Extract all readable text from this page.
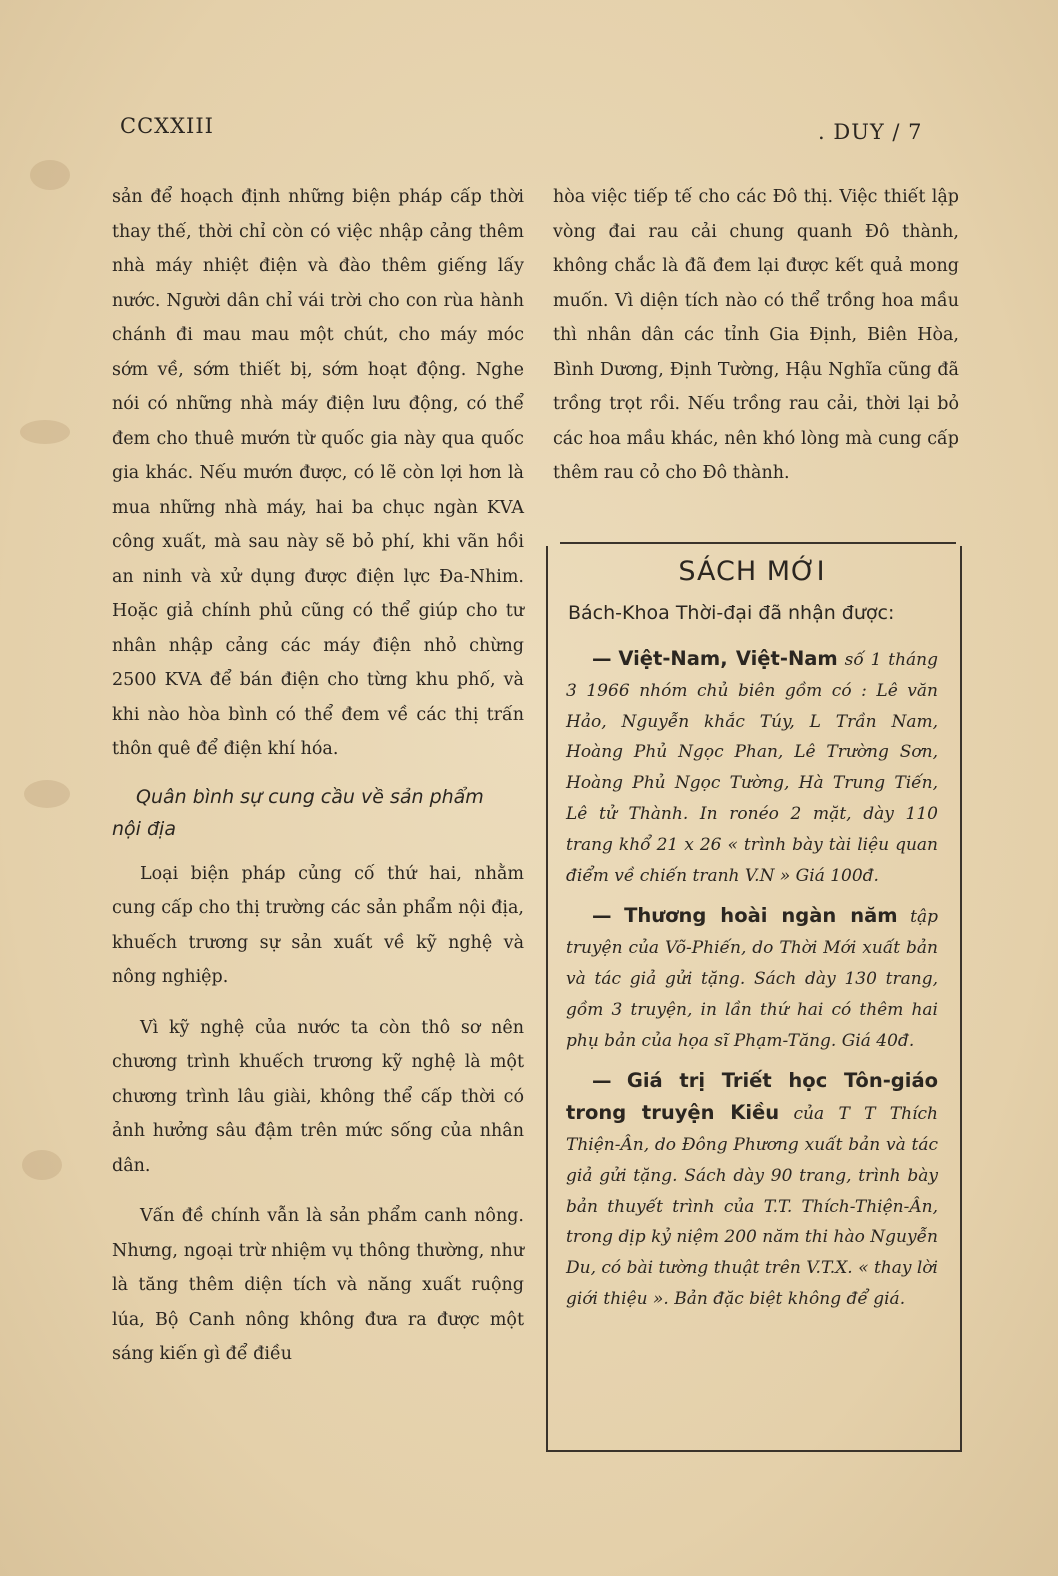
CCXXIII	. DUY / 7

sản để hoạch định những biện pháp cấp thời thay thế, thời chỉ còn có việc nhập cảng thêm nhà máy nhiệt điện và đào thêm giếng lấy nước. Người dân chỉ vái trời cho con rùa hành chánh đi mau mau một chút, cho máy móc sớm về, sớm thiết bị, sớm hoạt động. Nghe nói có những nhà máy điện lưu động, có thể đem cho thuê mướn từ quốc gia này qua quốc gia khác. Nếu mướn được, có lẽ còn lợi hơn là mua những nhà máy, hai ba chục ngàn KVA công xuất, mà sau này sẽ bỏ phí, khi vãn hồi an ninh và xử dụng được điện lực Đa-Nhim. Hoặc giả chính phủ cũng có thể giúp cho tư nhân nhập cảng các máy điện nhỏ chừng 2500 KVA để bán điện cho từng khu phố, và khi nào hòa bình có thể đem về các thị trấn thôn quê để điện khí hóa.

Quân bình sự cung cầu về sản phẩm
nội địa

Loại biện pháp củng cố thứ hai, nhằm cung cấp cho thị trường các sản phẩm nội địa, khuếch trương sự sản xuất về kỹ nghệ và nông nghiệp.

Vì kỹ nghệ của nước ta còn thô sơ nên chương trình khuếch trương kỹ nghệ là một chương trình lâu giài, không thể cấp thời có ảnh hưởng sâu đậm trên mức sống của nhân dân.

Vấn đề chính vẫn là sản phẩm canh nông. Nhưng, ngoại trừ nhiệm vụ thông thường, như là tăng thêm diện tích và năng xuất ruộng lúa, Bộ Canh nông không đưa ra được một sáng kiến gì để điều

hòa việc tiếp tế cho các Đô thị. Việc thiết lập vòng đai rau cải chung quanh Đô thành, không chắc là đã đem lại được kết quả mong muốn. Vì diện tích nào có thể trồng hoa mầu thì nhân dân các tỉnh Gia Định, Biên Hòa, Bình Dương, Định Tường, Hậu Nghĩa cũng đã trồng trọt rồi. Nếu trồng rau cải, thời lại bỏ các hoa mầu khác, nên khó lòng mà cung cấp thêm rau cỏ cho Đô thành.

SÁCH MỚI
Bách-Khoa Thời-đại đã nhận được:

— Việt-Nam, Việt-Nam số 1 tháng 3 1966 nhóm chủ biên gồm có : Lê văn Hảo, Nguyễn khắc Túy, L Trần Nam, Hoàng Phủ Ngọc Phan, Lê Trường Sơn, Hoàng Phủ Ngọc Tường, Hà Trung Tiến, Lê tử Thành. In ronéo 2 mặt, dày 110 trang khổ 21 x 26 « trình bày tài liệu quan điểm về chiến tranh V.N » Giá 100đ.

— Thương hoài ngàn năm tập truyện của Võ-Phiến, do Thời Mới xuất bản và tác giả gửi tặng. Sách dày 130 trang, gồm 3 truyện, in lần thứ hai có thêm hai phụ bản của họa sĩ Phạm-Tăng. Giá 40đ.

— Giá trị Triết học Tôn-giáo trong truyện Kiều của T T Thích Thiện-Ân, do Đông Phương xuất bản và tác giả gửi tặng. Sách dày 90 trang, trình bày bản thuyết trình của T.T. Thích-Thiện-Ân, trong dịp kỷ niệm 200 năm thi hào Nguyễn Du, có bài tường thuật trên V.T.X. « thay lời giới thiệu ». Bản đặc biệt không để giá.
